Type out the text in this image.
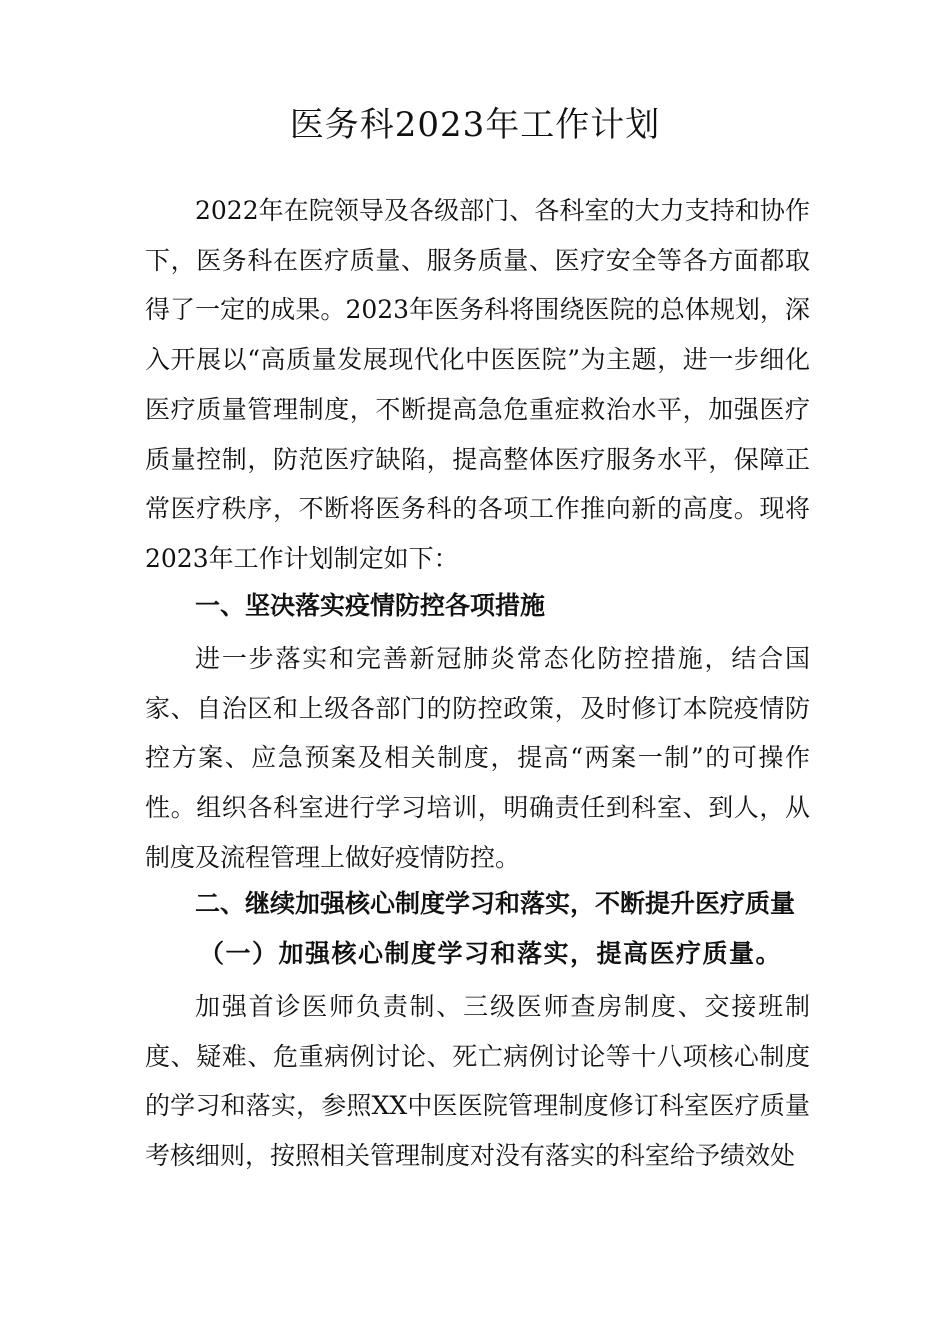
医务科2023年工作计划

2022年在院领导及各级部门、各科室的大力支持和协作下，医务科在医疗质量、服务质量、医疗安全等各方面都取得了一定的成果。2023年医务科将围绕医院的总体规划，深入开展以“高质量发展现代化中医医院”为主题，进一步细化医疗质量管理制度，不断提高急危重症救治水平，加强医疗质量控制，防范医疗缺陷，提高整体医疗服务水平，保障正常医疗秩序，不断将医务科的各项工作推向新的高度。现将2023年工作计划制定如下：

一、坚决落实疫情防控各项措施

进一步落实和完善新冠肺炎常态化防控措施，结合国家、自治区和上级各部门的防控政策，及时修订本院疫情防控方案、应急预案及相关制度，提高“两案一制”的可操作性。组织各科室进行学习培训，明确责任到科室、到人，从制度及流程管理上做好疫情防控。

二、继续加强核心制度学习和落实，不断提升医疗质量
（一）加强核心制度学习和落实，提高医疗质量。

加强首诊医师负责制、三级医师查房制度、交接班制度、疑难、危重病例讨论、死亡病例讨论等十八项核心制度的学习和落实，参照XX中医医院管理制度修订科室医疗质量考核细则，按照相关管理制度对没有落实的科室给予绩效处
